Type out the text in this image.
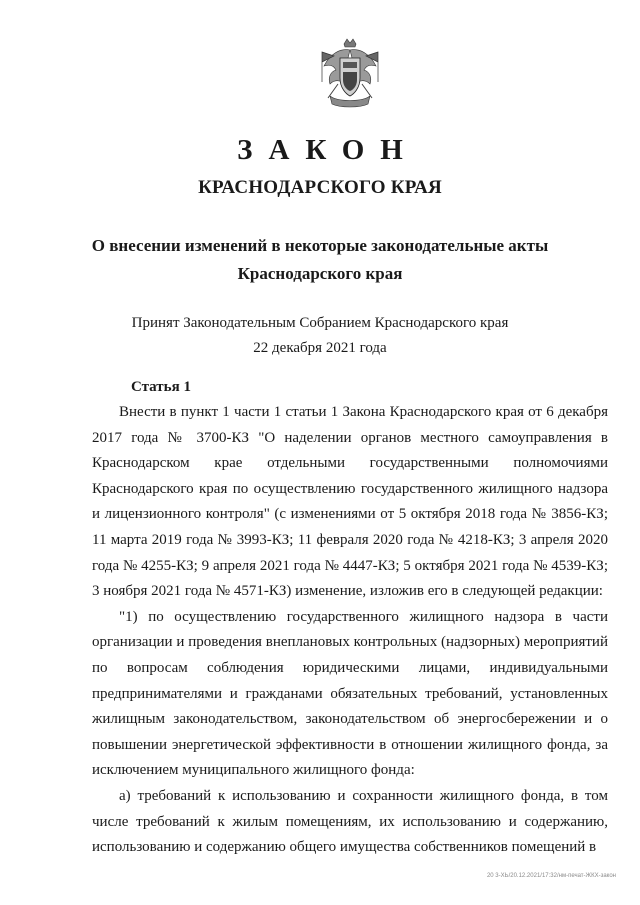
ЗАКОН
КРАСНОДАРСКОГО КРАЯ
О внесении изменений в некоторые законодательные акты
Краснодарского края
Принят Законодательным Собранием Краснодарского края
22 декабря 2021 года
Статья 1

Внести в пункт 1 части 1 статьи 1 Закона Краснодарского края от 6 декабря 2017 года № 3700-КЗ "О наделении органов местного самоуправления в Краснодарском крае отдельными государственными полномочиями Краснодарского края по осуществлению государственного жилищного надзора и лицензионного контроля" (с изменениями от 5 октября 2018 года № 3856-КЗ; 11 марта 2019 года № 3993-КЗ; 11 февраля 2020 года № 4218-КЗ; 3 апреля 2020 года № 4255-КЗ; 9 апреля 2021 года № 4447-КЗ; 5 октября 2021 года № 4539-КЗ; 3 ноября 2021 года № 4571-КЗ) изменение, изложив его в следующей редакции:

"1) по осуществлению государственного жилищного надзора в части организации и проведения внеплановых контрольных (надзорных) мероприятий по вопросам соблюдения юридическими лицами, индивидуальными предпринимателями и гражданами обязательных требований, установленных жилищным законодательством, законодательством об энергосбережении и о повышении энергетической эффективности в отношении жилищного фонда, за исключением муниципального жилищного фонда:

а) требований к использованию и сохранности жилищного фонда, в том числе требований к жилым помещениям, их использованию и содержанию, использованию и содержанию общего имущества собственников помещений в

20 3-ХЬ/20.12.2021/17:32/нм-печат-ЖКХ-закон
